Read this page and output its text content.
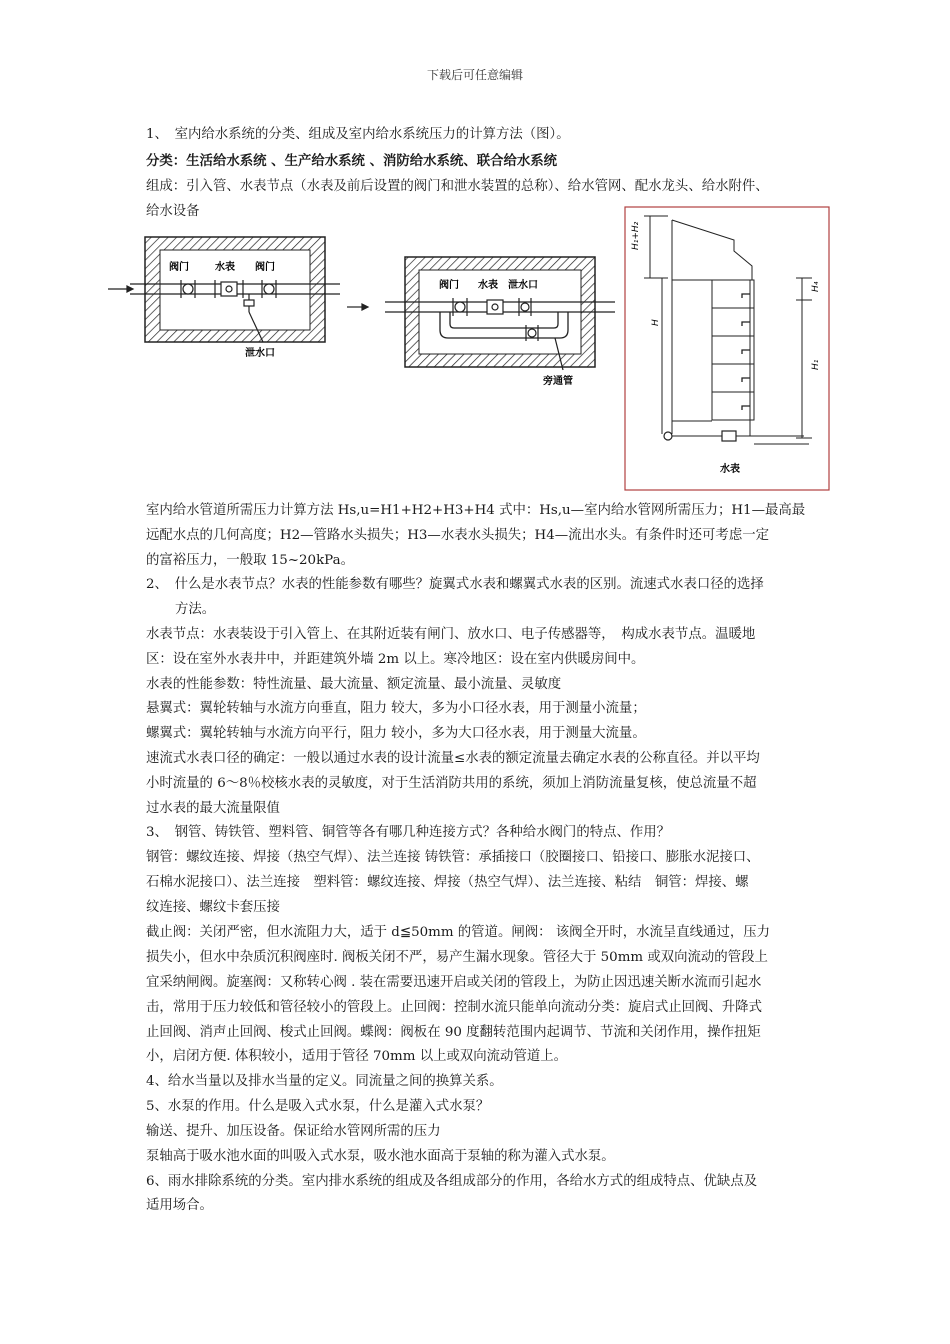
下载后可任意编辑
1、　室内给水系统的分类、组成及室内给水系统压力的计算方法（图）。
分类：生活给水系统 、生产给水系统 、消防给水系统、联合给水系统
组成：引入管、水表节点（水表及前后设置的阀门和泄水装置的总称）、给水管网、配水龙头、给水附件、
给水设备
阀门	水表 阀门
泄水口
阀门 水表 泄水口
旁通管
H₁+H₂
H
H₄
H₁
水表
室内给水管道所需压力计算方法 Hs,u=H1+H2+H3+H4 式中：Hs,u—室内给水管网所需压力；H1—最高最
远配水点的几何高度；H2—管路水头损失；H3—水表水头损失；H4—流出水头。有条件时还可考虑一定
的富裕压力，一般取 15~20kPa。
2、　什么是水表节点？水表的性能参数有哪些？旋翼式水表和螺翼式水表的区别。流速式水表口径的选择
方法。
水表节点：水表装设于引入管上、在其附近装有闸门、放水口、电子传感器等，　构成水表节点。温暖地
区：设在室外水表井中，并距建筑外墙 2m 以上。寒冷地区：设在室内供暖房间中。
水表的性能参数：特性流量、最大流量、额定流量、最小流量、灵敏度
悬翼式：翼轮转轴与水流方向垂直，阻力 较大，多为小口径水表，用于测量小流量；
螺翼式：翼轮转轴与水流方向平行，阻力 较小，多为大口径水表，用于测量大流量。
速流式水表口径的确定：一般以通过水表的设计流量≤水表的额定流量去确定水表的公称直径。并以平均
小时流量的 6～8％校核水表的灵敏度，对于生活消防共用的系统，须加上消防流量复核，使总流量不超
过水表的最大流量限值
3、　钢管、铸铁管、塑料管、铜管等各有哪几种连接方式？各种给水阀门的特点、作用？
钢管：螺纹连接、焊接（热空气焊）、法兰连接 铸铁管：承插接口（胶圈接口、铅接口、膨胀水泥接口、
石棉水泥接口）、法兰连接　塑料管：螺纹连接、焊接（热空气焊）、法兰连接、粘结　铜管：焊接、螺
纹连接、螺纹卡套压接
截止阀：关闭严密，但水流阻力大，适于 d≦50mm 的管道。闸阀： 该阀全开时，水流呈直线通过，压力
损失小，但水中杂质沉积阀座时. 阀板关闭不严，易产生漏水现象。管径大于 50mm 或双向流动的管段上
宜采纳闸阀。旋塞阀：又称转心阀 . 装在需要迅速开启或关闭的管段上，为防止因迅速关断水流而引起水
击，常用于压力较低和管径较小的管段上。止回阀：控制水流只能单向流动分类：旋启式止回阀、升降式
止回阀、消声止回阀、梭式止回阀。蝶阀：阀板在 90 度翻转范围内起调节、节流和关闭作用，操作扭矩
小，启闭方便. 体积较小，适用于管径 70mm 以上或双向流动管道上。
4、给水当量以及排水当量的定义。同流量之间的换算关系。
5、水泵的作用。什么是吸入式水泵，什么是灌入式水泵？
输送、提升、加压设备。保证给水管网所需的压力
泵轴高于吸水池水面的叫吸入式水泵，吸水池水面高于泵轴的称为灌入式水泵。
6、雨水排除系统的分类。室内排水系统的组成及各组成部分的作用，各给水方式的组成特点、优缺点及
适用场合。
